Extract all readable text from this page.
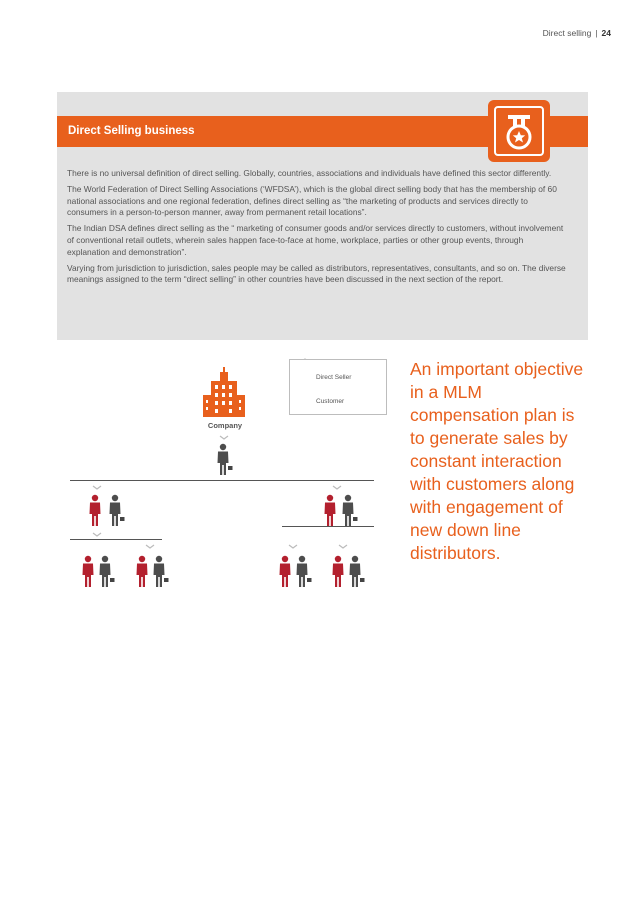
Direct selling | 24
Direct Selling business

There is no universal definition of direct selling. Globally, countries, associations and individuals have defined this sector differently.

The World Federation of Direct Selling Associations (‘WFDSA’), which is the global direct selling body that has the membership of 60 national associations and one regional federation, defines direct selling as “the marketing of products and services directly to consumers in a person-to-person manner, away from permanent retail locations”.

The Indian DSA defines direct selling as the “ marketing of consumer goods and/or services directly to customers, without involvement of conventional retail outlets, wherein sales happen face-to-face at home, workplace, parties or other group events, through explanation and demonstration”.

Varying from jurisdiction to jurisdiction, sales people may be called as distributors, representatives, consultants, and so on. The diverse meanings assigned to the term “direct selling” in other countries have been discussed in the next section of the report.

Direct Seller
Customer
Company
An important objective in a MLM compensation plan is to generate sales by constant interaction with customers along with engagement of new down line distributors.
